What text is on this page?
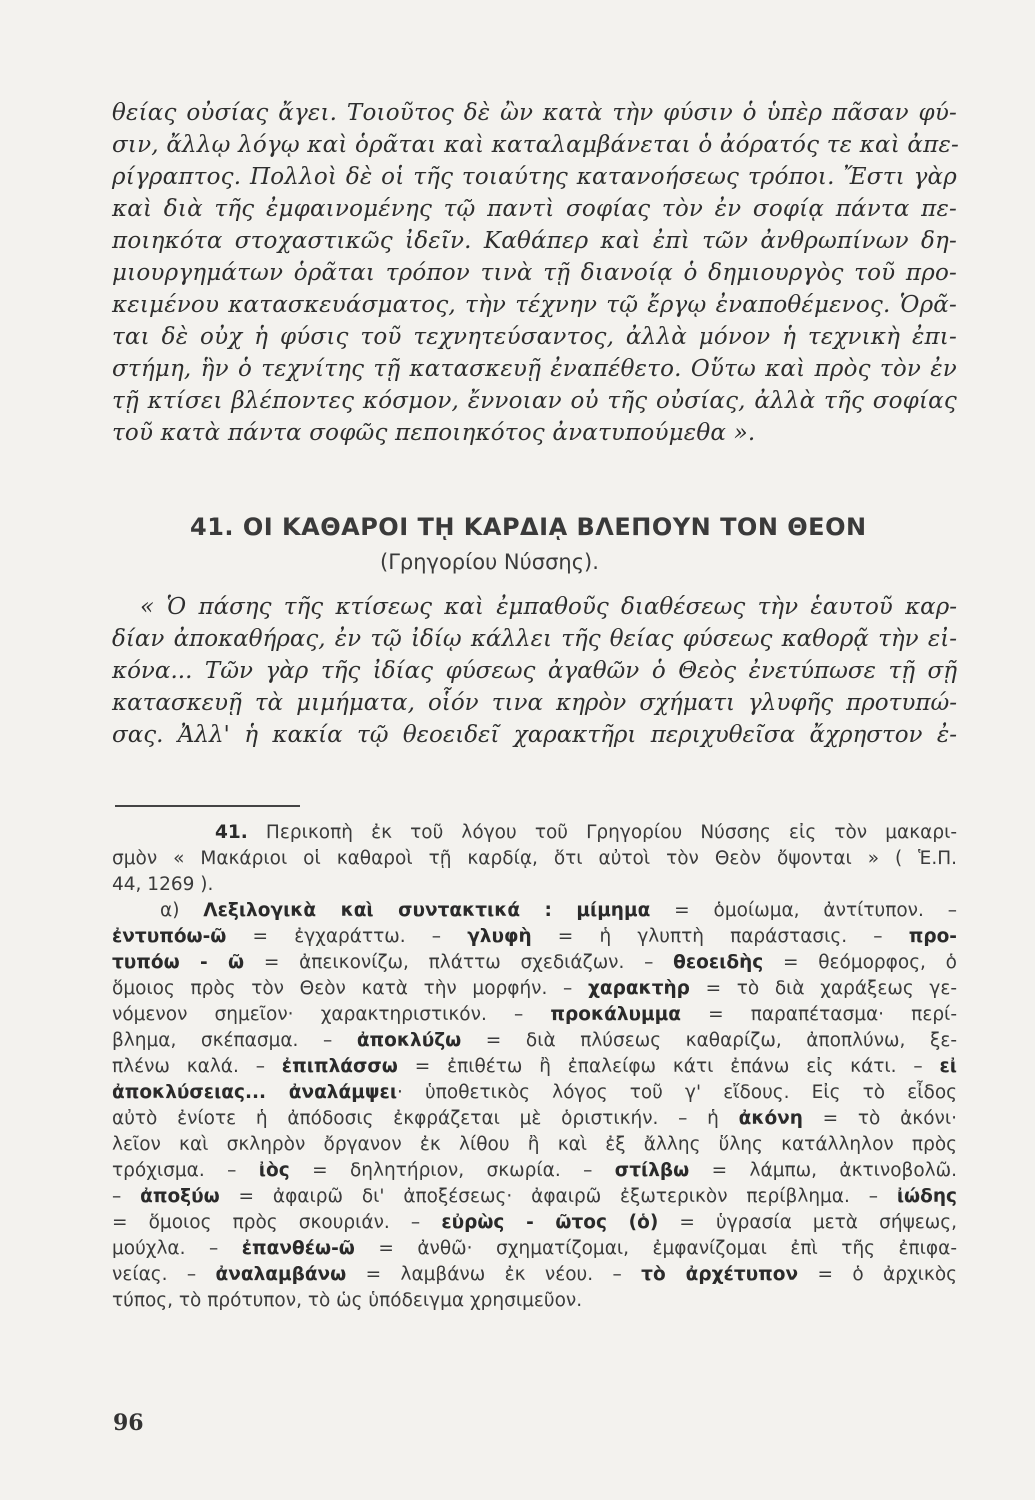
θείας οὐσίας ἄγει. Τοιοῦτος δὲ ὢν κατὰ τὴν φύσιν ὁ ὑπὲρ πᾶσαν φύ-
σιν, ἄλλῳ λόγῳ καὶ ὁρᾶται καὶ καταλαμβάνεται ὁ ἀόρατός τε καὶ ἀπε-
ρίγραπτος. Πολλοὶ δὲ οἱ τῆς τοιαύτης κατανοήσεως τρόποι. Ἔστι γὰρ
καὶ διὰ τῆς ἐμφαινομένης τῷ παντὶ σοφίας τὸν ἐν σοφίᾳ πάντα πε-
ποιηκότα στοχαστικῶς ἰδεῖν. Καθάπερ καὶ ἐπὶ τῶν ἀνθρωπίνων δη-
μιουργημάτων ὁρᾶται τρόπον τινὰ τῇ διανοίᾳ ὁ δημιουργὸς τοῦ προ-
κειμένου κατασκευάσματος, τὴν τέχνην τῷ ἔργῳ ἐναποθέμενος. Ὁρᾶ-
ται δὲ οὐχ ἡ φύσις τοῦ τεχνητεύσαντος, ἀλλὰ μόνον ἡ τεχνικὴ ἐπι-
στήμη, ἣν ὁ τεχνίτης τῇ κατασκευῇ ἐναπέθετο. Οὕτω καὶ πρὸς τὸν ἐν
τῇ κτίσει βλέποντες κόσμον, ἔννοιαν οὐ τῆς οὐσίας, ἀλλὰ τῆς σοφίας
τοῦ κατὰ πάντα σοφῶς πεποιηκότος ἀνατυπούμεθα ».
41. ΟΙ ΚΑΘΑΡΟΙ Τῌ ΚΑΡΔΙᾼ ΒΛΕΠΟΥΝ ΤΟΝ ΘΕΟΝ
(Γρηγορίου Νύσσης).
« Ὁ πάσης τῆς κτίσεως καὶ ἐμπαθοῦς διαθέσεως τὴν ἑαυτοῦ καρ-
δίαν ἀποκαθήρας, ἐν τῷ ἰδίῳ κάλλει τῆς θείας φύσεως καθορᾷ τὴν εἰ-
κόνα... Τῶν γὰρ τῆς ἰδίας φύσεως ἀγαθῶν ὁ Θεὸς ἐνετύπωσε τῇ σῇ
κατασκευῇ τὰ μιμήματα, οἷόν τινα κηρὸν σχήματι γλυφῆς προτυπώ-
σας. Ἀλλ' ἡ κακία τῷ θεοειδεῖ χαρακτῆρι περιχυθεῖσα ἄχρηστον ἐ-
41. Περικοπὴ ἐκ τοῦ λόγου τοῦ Γρηγορίου Νύσσης εἰς τὸν μακαρι-
σμὸν « Μακάριοι οἱ καθαροὶ τῇ καρδίᾳ, ὅτι αὐτοὶ τὸν Θεὸν ὄψονται » ( Ἑ.Π.
44, 1269 ).
α) Λεξιλογικὰ καὶ συντακτικά : μίμημα = ὁμοίωμα, ἀντίτυπον. –
ἐντυπόω-ῶ = ἐγχαράττω. – γλυφὴ = ἡ γλυπτὴ παράστασις. – προ-
τυπόω - ῶ = ἀπεικονίζω, πλάττω σχεδιάζων. – θεοειδὴς = θεόμορφος, ὁ
ὅμοιος πρὸς τὸν Θεὸν κατὰ τὴν μορφήν. – χαρακτὴρ = τὸ διὰ χαράξεως γε-
νόμενον σημεῖον· χαρακτηριστικόν. – προκάλυμμα = παραπέτασμα· περί-
βλημα, σκέπασμα. – ἀποκλύζω = διὰ πλύσεως καθαρίζω, ἀποπλύνω, ξε-
πλένω καλά. – ἐπιπλάσσω = ἐπιθέτω ἢ ἐπαλείφω κάτι ἐπάνω εἰς κάτι. – εἰ
ἀποκλύσειας... ἀναλάμψει· ὑποθετικὸς λόγος τοῦ γ' εἴδους. Εἰς τὸ εἶδος
αὐτὸ ἐνίοτε ἡ ἀπόδοσις ἐκφράζεται μὲ ὁριστικήν. – ἡ ἀκόνη = τὸ ἀκόνι·
λεῖον καὶ σκληρὸν ὄργανον ἐκ λίθου ἢ καὶ ἐξ ἄλλης ὕλης κατάλληλον πρὸς
τρόχισμα. – ἰὸς = δηλητήριον, σκωρία. – στίλβω = λάμπω, ἀκτινοβολῶ.
– ἀποξύω = ἀφαιρῶ δι' ἀποξέσεως· ἀφαιρῶ ἐξωτερικὸν περίβλημα. – ἰώδης
= ὅμοιος πρὸς σκουριάν. – εὐρὼς - ῶτος (ὁ) = ὑγρασία μετὰ σήψεως,
μούχλα. – ἐπανθέω-ῶ = ἀνθῶ· σχηματίζομαι, ἐμφανίζομαι ἐπὶ τῆς ἐπιφα-
νείας. – ἀναλαμβάνω = λαμβάνω ἐκ νέου. – τὸ ἀρχέτυπον = ὁ ἀρχικὸς
τύπος, τὸ πρότυπον, τὸ ὡς ὑπόδειγμα χρησιμεῦον.
96
